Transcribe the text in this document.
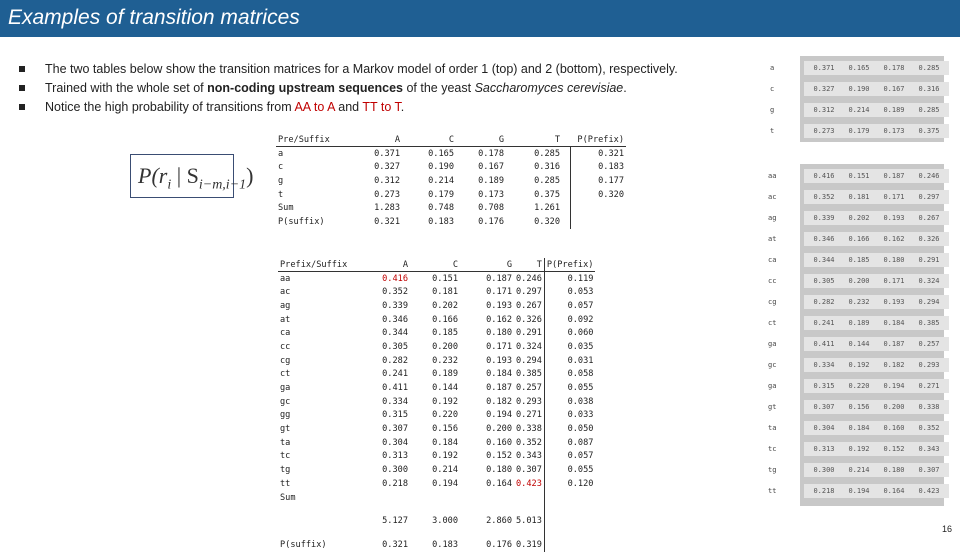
Examples of transition matrices
The two tables below show the transition matrices for a Markov model of order 1 (top) and 2 (bottom), respectively.
Trained with the whole set of non-coding upstream sequences of the yeast Saccharomyces cerevisiae.
Notice the high probability of transitions from AA to A and TT to T.
$P(r_i$ | $S_{i-m,i-1}$)
Pre/Suffix	A	C	G	T		P(Prefix)
a	0.371	0.165	0.178	0.285		0.321
c	0.327	0.190	0.167	0.316		0.183
g	0.312	0.214	0.189	0.285		0.177
t	0.273	0.179	0.173	0.375		0.320
Sum	1.283	0.748	0.708	1.261		
P(suffix)	0.321	0.183	0.176	0.320		
Prefix/Suffix	A	C	G	T	P(Prefix)
aa	0.416	0.151	0.187	0.246	0.119
ac	0.352	0.181	0.171	0.297	0.053
ag	0.339	0.202	0.193	0.267	0.057
at	0.346	0.166	0.162	0.326	0.092
ca	0.344	0.185	0.180	0.291	0.060
cc	0.305	0.200	0.171	0.324	0.035
cg	0.282	0.232	0.193	0.294	0.031
ct	0.241	0.189	0.184	0.385	0.058
ga	0.411	0.144	0.187	0.257	0.055
gc	0.334	0.192	0.182	0.293	0.038
gg	0.315	0.220	0.194	0.271	0.033
gt	0.307	0.156	0.200	0.338	0.050
ta	0.304	0.184	0.160	0.352	0.087
tc	0.313	0.192	0.152	0.343	0.057
tg	0.300	0.214	0.180	0.307	0.055
tt	0.218	0.194	0.164	0.423	0.120
Sum					

	5.127	3.000	2.860	5.013	

P(suffix)	0.321	0.183	0.176	0.319	
a	0.371	0.165	0.178	0.285
c	0.327	0.190	0.167	0.316
g	0.312	0.214	0.189	0.285
t	0.273	0.179	0.173	0.375
aa	0.416	0.151	0.187	0.246
ac	0.352	0.181	0.171	0.297
ag	0.339	0.202	0.193	0.267
at	0.346	0.166	0.162	0.326
ca	0.344	0.185	0.180	0.291
cc	0.305	0.200	0.171	0.324
cg	0.282	0.232	0.193	0.294
ct	0.241	0.189	0.184	0.385
ga	0.411	0.144	0.187	0.257
gc	0.334	0.192	0.182	0.293
ga	0.315	0.220	0.194	0.271
gt	0.307	0.156	0.200	0.338
ta	0.304	0.184	0.160	0.352
tc	0.313	0.192	0.152	0.343
tg	0.300	0.214	0.180	0.307
tt	0.218	0.194	0.164	0.423
16
